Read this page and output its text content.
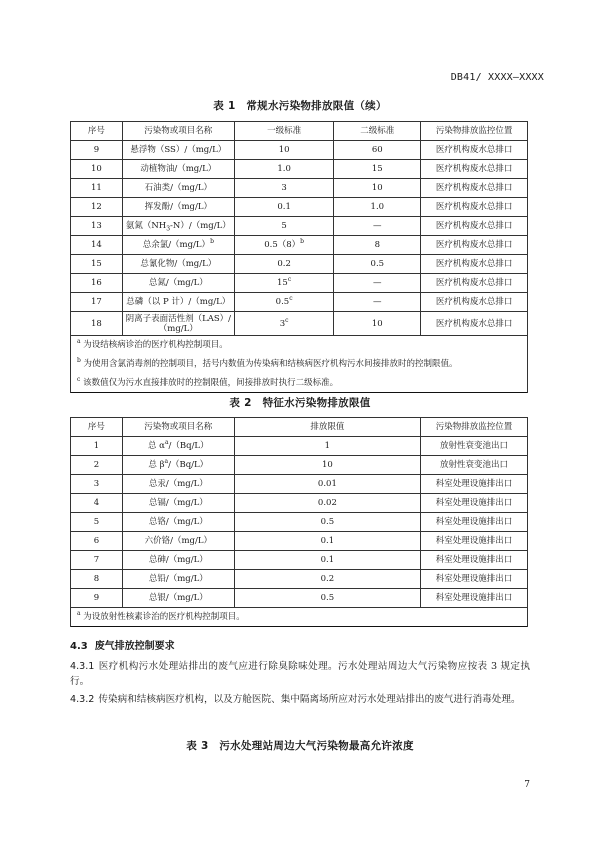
DB41/ XXXX—XXXX
表 1　常规水污染物排放限值（续）
序号	污染物或项目名称	一级标准	二级标准	污染物排放监控位置
9	悬浮物（SS）/（mg/L）	10	60	医疗机构废水总排口
10	动植物油/（mg/L）	1.0	15	医疗机构废水总排口
11	石油类/（mg/L）	3	10	医疗机构废水总排口
12	挥发酚/（mg/L）	0.1	1.0	医疗机构废水总排口
13	氨氮$(NH_3-N)/(mg/L)$	5	—	医疗机构废水总排口
14	总余氯$/(mg/L)^b$	$0.5(8)^b$	8	医疗机构废水总排口
15	总氰化物/（mg/L）	0.2	0.5	医疗机构废水总排口
16	总氮/（mg/L）	15$^c$	—	医疗机构废水总排口
17	总磷（以 P 计）/（mg/L）	0.5$^c$	—	医疗机构废水总排口
18	阴离子表面活性剂（LAS）/（mg/L）	3$^c$	10	医疗机构废水总排口
$^a$ 为设结核病诊治的医疗机构控制项目。				
$^b$ 为使用含氯消毒剂的控制项目，括号内数值为传染病和结核病医疗机构污水间接排放时的控制限值。				
$^c$ 该数值仅为污水直接排放时的控制限值，间接排放时执行二级标准。				
表 2　特征水污染物排放限值
序号	污染物或项目名称	排放限值	污染物排放监控位置
1	总 $\alpha^a/(Bq/L)$	1	放射性衰变池出口
2	总 $\beta^a/(Bq/L)$	10	放射性衰变池出口
3	总汞/（mg/L）	0.01	科室处理设施排出口
4	总镉/（mg/L）	0.02	科室处理设施排出口
5	总铬/（mg/L）	0.5	科室处理设施排出口
6	六价铬/（mg/L）	0.1	科室处理设施排出口
7	总砷/（mg/L）	0.1	科室处理设施排出口
8	总铅/（mg/L）	0.2	科室处理设施排出口
9	总银/（mg/L）	0.5	科室处理设施排出口
$^a$ 为设放射性核素诊治的医疗机构控制项目。			
4.3 废气排放控制要求
4.3.1 医疗机构污水处理站排出的废气应进行除臭除味处理。污水处理站周边大气污染物应按表 3 规定执行。
4.3.2 传染病和结核病医疗机构，以及方舱医院、集中隔离场所应对污水处理站排出的废气进行消毒处理。
表 3　污水处理站周边大气污染物最高允许浓度
7
